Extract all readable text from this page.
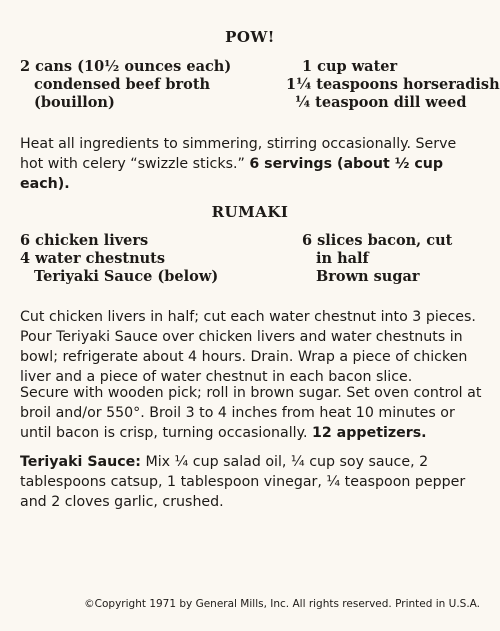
POW!
2 cans (10½ ounces each)
condensed beef broth
(bouillon)
1 cup water
1¼ teaspoons horseradish
¼ teaspoon dill weed

Heat all ingredients to simmering, stirring occasionally. Serve hot with celery “swizzle sticks.” 6 servings (about ½ cup each).

RUMAKI
6 chicken livers
4 water chestnuts
Teriyaki Sauce (below)
6 slices bacon, cut
in half
Brown sugar

Cut chicken livers in half; cut each water chestnut into 3 pieces. Pour Teriyaki Sauce over chicken livers and water chestnuts in bowl; refrigerate about 4 hours. Drain. Wrap a piece of chicken liver and a piece of water chestnut in each bacon slice.

Secure with wooden pick; roll in brown sugar. Set oven control at broil and/or 550°. Broil 3 to 4 inches from heat 10 minutes or until bacon is crisp, turning occasionally. 12 appetizers.

Teriyaki Sauce: Mix ¼ cup salad oil, ¼ cup soy sauce, 2 tablespoons catsup, 1 tablespoon vinegar, ¼ teaspoon pepper and 2 cloves garlic, crushed.

©Copyright 1971 by General Mills, Inc. All rights reserved. Printed in U.S.A.
